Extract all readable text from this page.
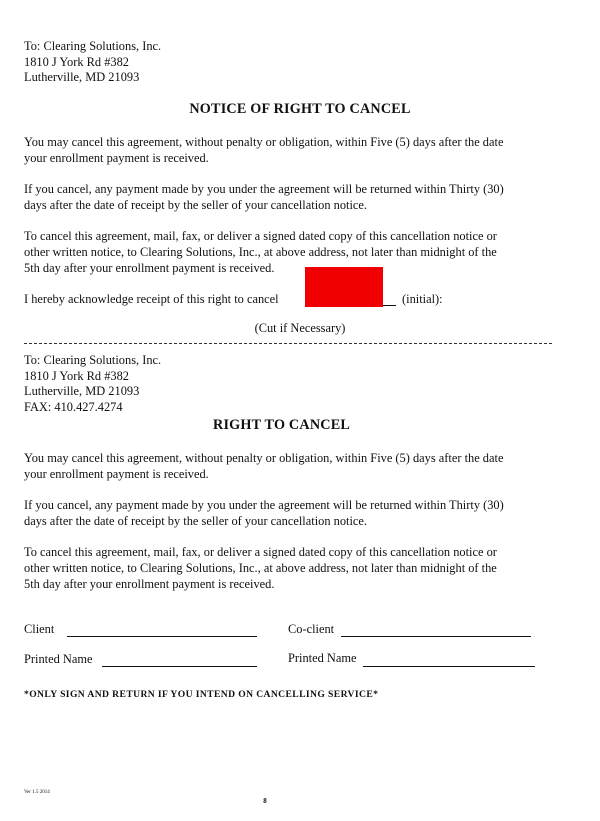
To: Clearing Solutions, Inc.
1810 J York Rd #382
Lutherville, MD 21093
NOTICE OF RIGHT TO CANCEL
You may cancel this agreement, without penalty or obligation, within Five (5) days after the date
your enrollment payment is received.
If you cancel, any payment made by you under the agreement will be returned within Thirty (30)
days after the date of receipt by the seller of your cancellation notice.
To cancel this agreement, mail, fax, or deliver a signed dated copy of this cancellation notice or
other written notice, to Clearing Solutions, Inc., at above address, not later than midnight of the
5th day after your enrollment payment is received.
I hereby acknowledge receipt of this right to cancel	(initial):
(Cut if Necessary)
To: Clearing Solutions, Inc.
1810 J York Rd #382
Lutherville, MD 21093
FAX: 410.427.4274
RIGHT TO CANCEL
You may cancel this agreement, without penalty or obligation, within Five (5) days after the date
your enrollment payment is received.
If you cancel, any payment made by you under the agreement will be returned within Thirty (30)
days after the date of receipt by the seller of your cancellation notice.
To cancel this agreement, mail, fax, or deliver a signed dated copy of this cancellation notice or
other written notice, to Clearing Solutions, Inc., at above address, not later than midnight of the
5th day after your enrollment payment is received.
Client	Co-client
Printed Name	Printed Name
*ONLY SIGN AND RETURN IF YOU INTEND ON CANCELLING SERVICE*
Ver 1.5 2014
8
